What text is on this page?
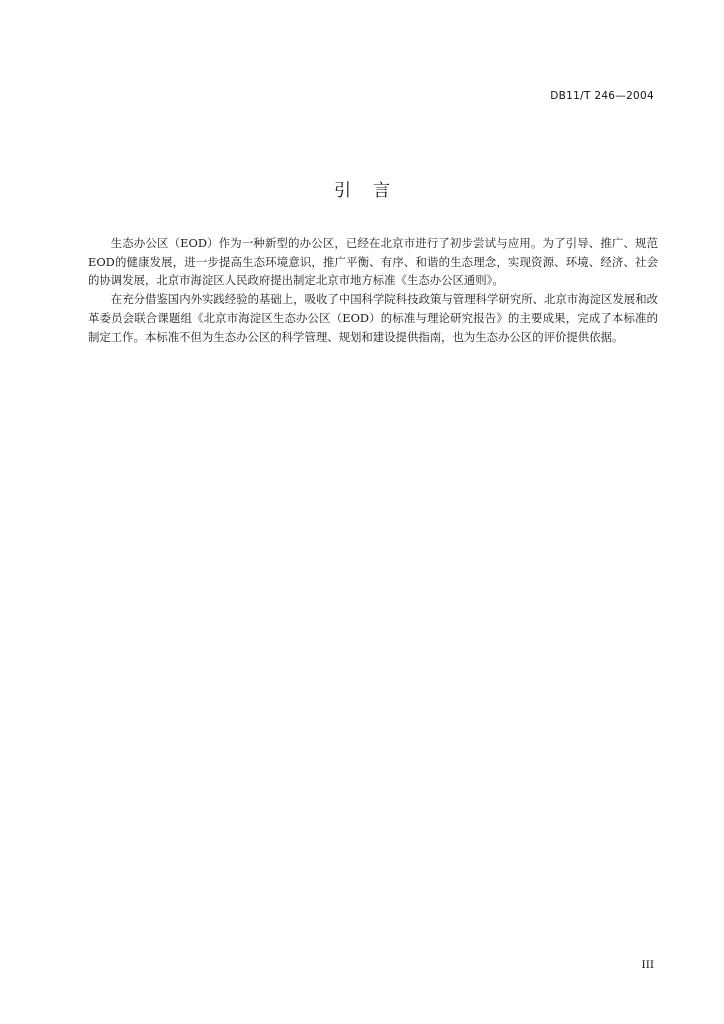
DB11/T 246—2004
引言

生态办公区（EOD）作为一种新型的办公区，已经在北京市进行了初步尝试与应用。为了引导、推广、规范EOD的健康发展，进一步提高生态环境意识，推广平衡、有序、和谐的生态理念，实现资源、环境、经济、社会的协调发展，北京市海淀区人民政府提出制定北京市地方标准《生态办公区通则》。

在充分借鉴国内外实践经验的基础上，吸收了中国科学院科技政策与管理科学研究所、北京市海淀区发展和改革委员会联合课题组《北京市海淀区生态办公区（EOD）的标准与理论研究报告》的主要成果，完成了本标准的制定工作。本标准不但为生态办公区的科学管理、规划和建设提供指南，也为生态办公区的评价提供依据。

III
